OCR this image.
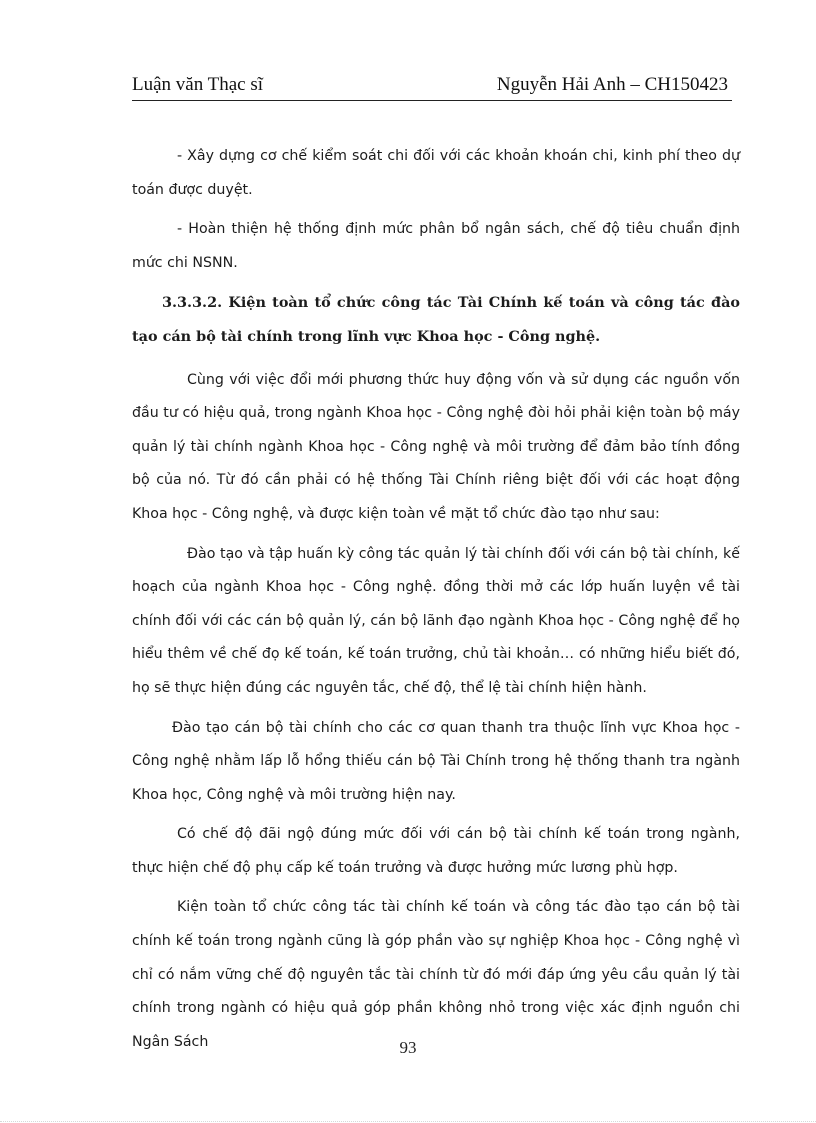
Luận văn Thạc sĩ	Nguyễn Hải Anh – CH150423

- Xây dựng cơ chế kiểm soát chi đối với các khoản khoán chi, kinh phí theo dự toán được duyệt.

- Hoàn thiện hệ thống định mức phân bổ ngân sách, chế độ tiêu chuẩn định mức chi NSNN.

3.3.3.2. Kiện toàn tổ chức công tác Tài Chính kế toán và công tác đào tạo cán bộ tài chính trong lĩnh vực Khoa học - Công nghệ.

Cùng với việc đổi mới phương thức huy động vốn và sử dụng các nguồn vốn đầu tư có hiệu quả, trong ngành Khoa học - Công nghệ đòi hỏi phải kiện toàn bộ máy quản lý tài chính ngành Khoa học - Công nghệ và môi trường để đảm bảo tính đồng bộ của nó. Từ đó cần phải có hệ thống Tài Chính riêng biệt đối với các hoạt động Khoa học - Công nghệ, và được kiện toàn về mặt tổ chức đào tạo như sau:

Đào tạo và tập huấn kỳ công tác quản lý tài chính đối với cán bộ tài chính, kế hoạch của ngành Khoa học - Công nghệ. đồng thời mở các lớp huấn luyện về tài chính đối với các cán bộ quản lý, cán bộ lãnh đạo ngành Khoa học - Công nghệ để họ hiểu thêm về chế đọ kế toán, kế toán trưởng, chủ tài khoản… có những hiểu biết đó, họ sẽ thực hiện đúng các nguyên tắc, chế độ, thể lệ tài chính hiện hành.

Đào tạo cán bộ tài chính cho các cơ quan thanh tra thuộc lĩnh vực Khoa học - Công nghệ nhằm lấp lỗ hổng thiếu cán bộ Tài Chính trong hệ thống thanh tra ngành Khoa học, Công nghệ và môi trường hiện nay.

Có chế độ đãi ngộ đúng mức đối với cán bộ tài chính kế toán trong ngành, thực hiện chế độ phụ cấp kế toán trưởng và được hưởng mức lương phù hợp.

Kiện toàn tổ chức công tác tài chính kế toán và công tác đào tạo cán bộ tài chính kế toán trong ngành cũng là góp phần vào sự nghiệp Khoa học - Công nghệ vì chỉ có nắm vững chế độ nguyên tắc tài chính từ đó mới đáp ứng yêu cầu quản lý tài chính trong ngành có hiệu quả góp phần không nhỏ trong việc xác định nguồn chi Ngân Sách	93
